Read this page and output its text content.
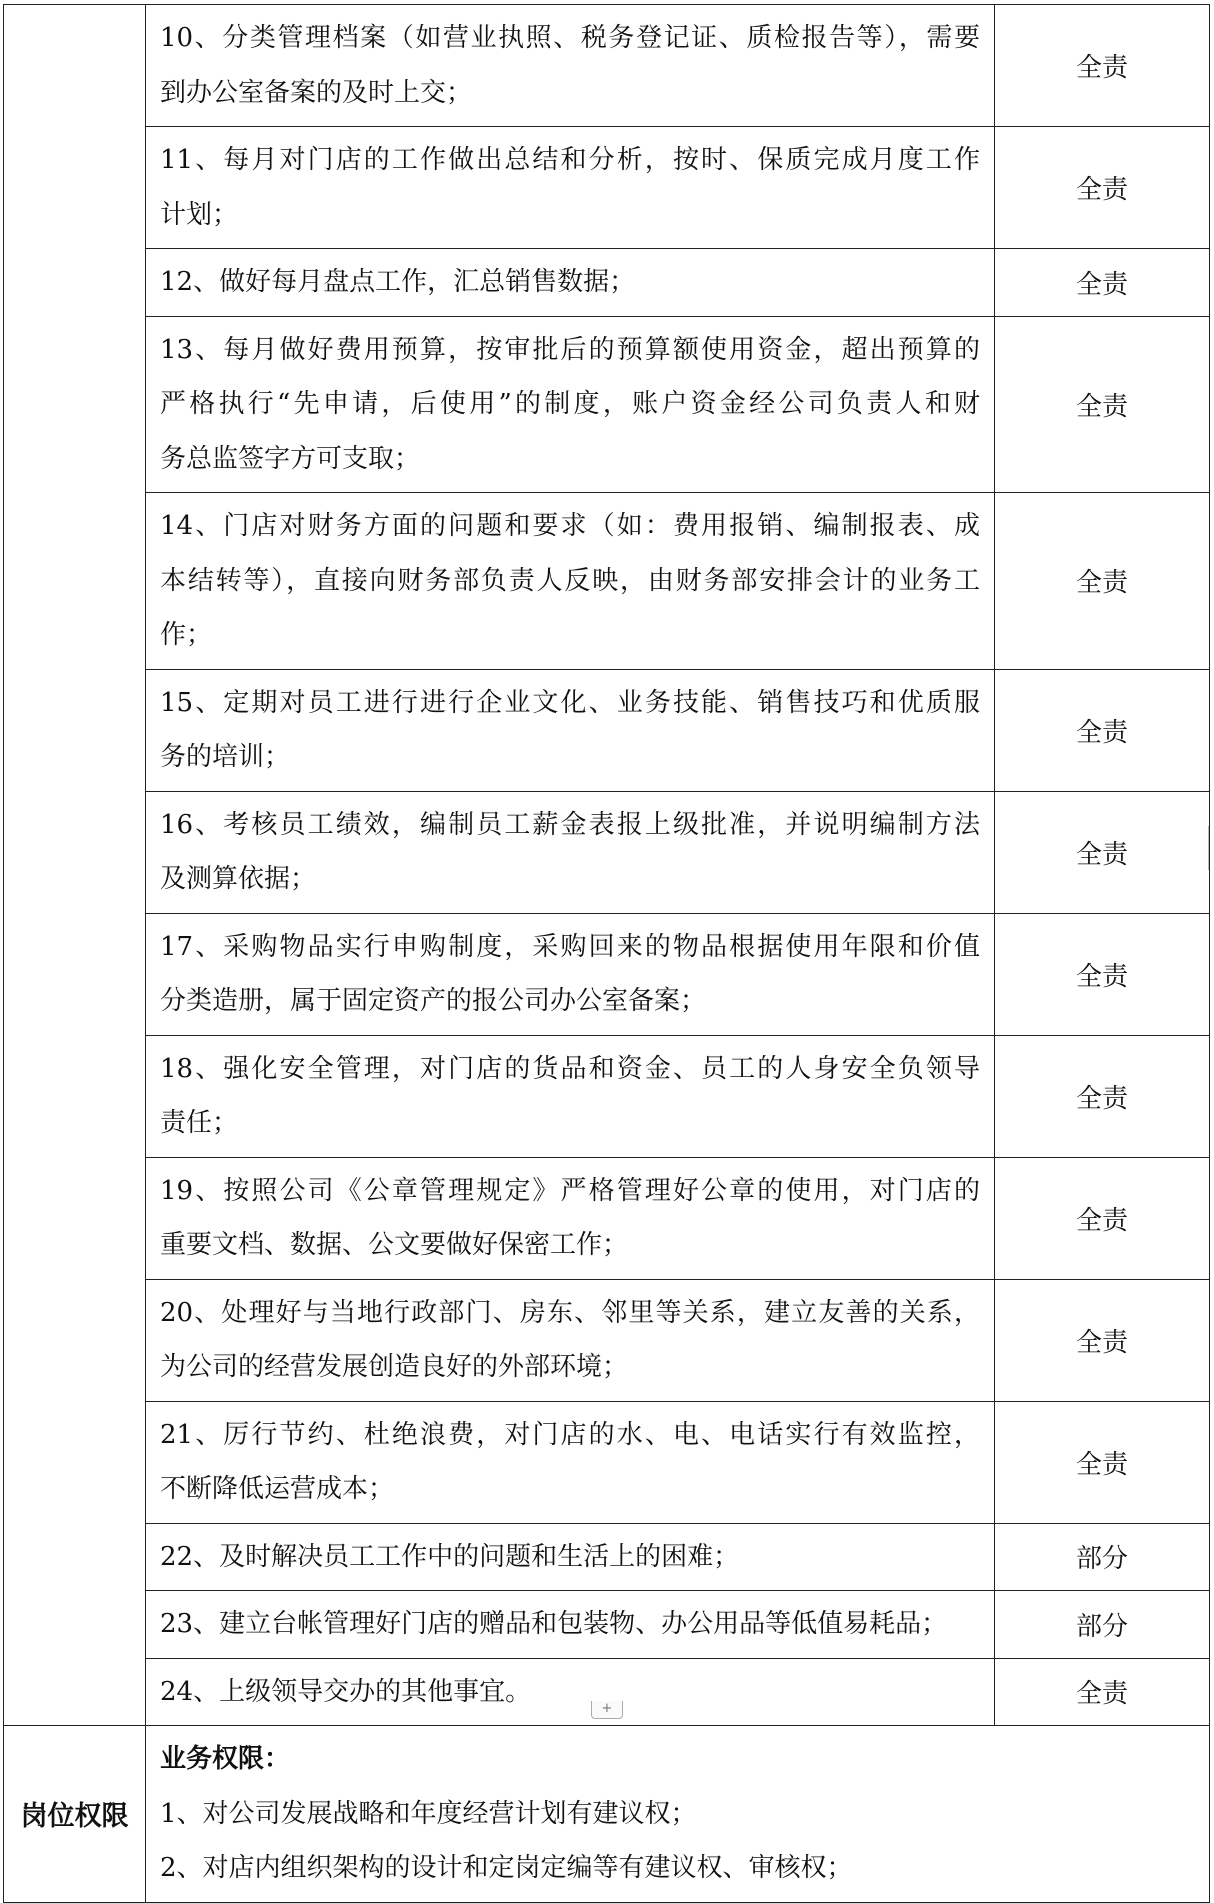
	10、分类管理档案（如营业执照、税务登记证、质检报告等），需要
到办公室备案的及时上交；	全责

	11、每月对门店的工作做出总结和分析，按时、保质完成月度工作
计划；	全责

	12、做好每月盘点工作，汇总销售数据；	全责

	13、每月做好费用预算，按审批后的预算额使用资金，超出预算的
严格执行“先申请，后使用”的制度，账户资金经公司负责人和财
务总监签字方可支取；	全责

	14、门店对财务方面的问题和要求（如：费用报销、编制报表、成
本结转等），直接向财务部负责人反映，由财务部安排会计的业务工
作；	全责

	15、定期对员工进行进行企业文化、业务技能、销售技巧和优质服
务的培训；	全责

	16、考核员工绩效，编制员工薪金表报上级批准，并说明编制方法
及测算依据；	全责

	17、采购物品实行申购制度，采购回来的物品根据使用年限和价值
分类造册，属于固定资产的报公司办公室备案；	全责

	18、强化安全管理，对门店的货品和资金、员工的人身安全负领导
责任；	全责

	19、按照公司《公章管理规定》严格管理好公章的使用，对门店的
重要文档、数据、公文要做好保密工作；	全责

	20、处理好与当地行政部门、房东、邻里等关系，建立友善的关系，
为公司的经营发展创造良好的外部环境；	全责

	21、厉行节约、杜绝浪费，对门店的水、电、电话实行有效监控，
不断降低运营成本；	全责

	22、及时解决员工工作中的问题和生活上的困难；	部分

	23、建立台帐管理好门店的赠品和包装物、办公用品等低值易耗品；	部分

	24、上级领导交办的其他事宜。	全责
岗位权限	业务权限：
1、对公司发展战略和年度经营计划有建议权；
2、对店内组织架构的设计和定岗定编等有建议权、审核权；	
+
